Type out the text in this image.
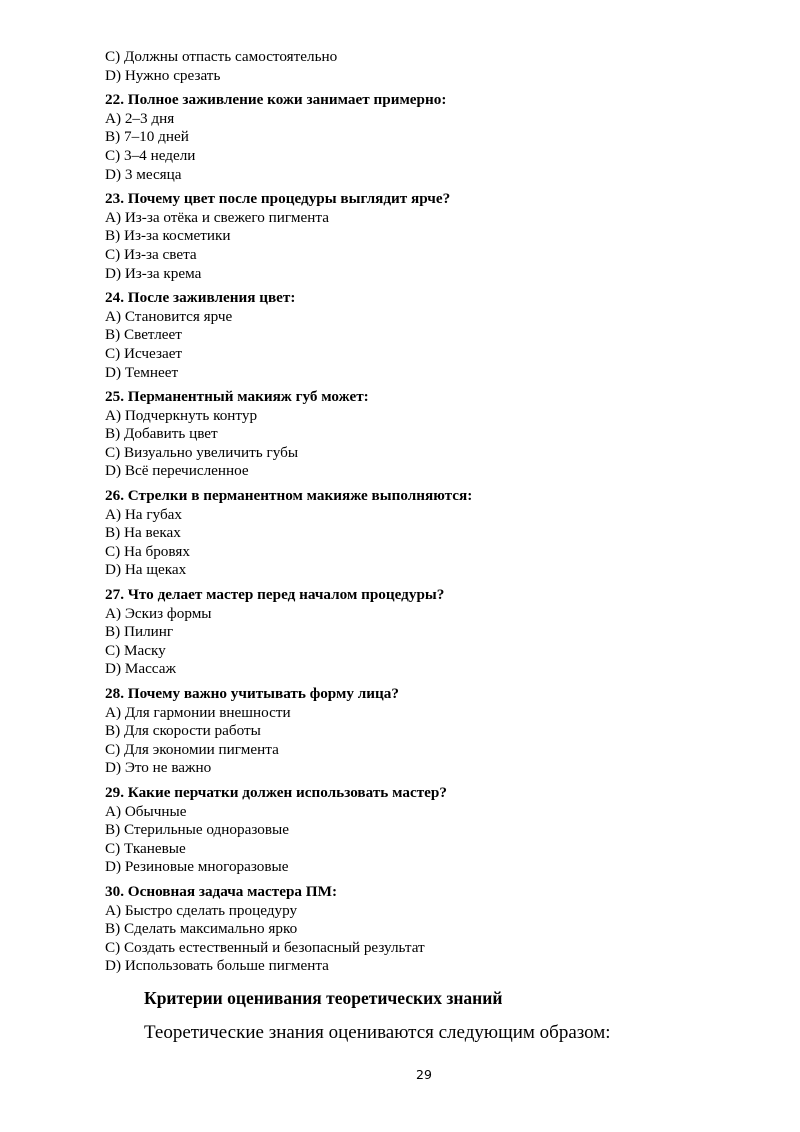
C) Должны отпасть самостоятельно
D) Нужно срезать
22. Полное заживление кожи занимает примерно:
A) 2–3 дня
B) 7–10 дней
C) 3–4 недели
D) 3 месяца
23. Почему цвет после процедуры выглядит ярче?
A) Из-за отёка и свежего пигмента
B) Из-за косметики
C) Из-за света
D) Из-за крема
24. После заживления цвет:
A) Становится ярче
B) Светлеет
C) Исчезает
D) Темнеет
25. Перманентный макияж губ может:
A) Подчеркнуть контур
B) Добавить цвет
C) Визуально увеличить губы
D) Всё перечисленное
26. Стрелки в перманентном макияже выполняются:
A) На губах
B) На веках
C) На бровях
D) На щеках
27. Что делает мастер перед началом процедуры?
A) Эскиз формы
B) Пилинг
C) Маску
D) Массаж
28. Почему важно учитывать форму лица?
A) Для гармонии внешности
B) Для скорости работы
C) Для экономии пигмента
D) Это не важно
29. Какие перчатки должен использовать мастер?
A) Обычные
B) Стерильные одноразовые
C) Тканевые
D) Резиновые многоразовые
30. Основная задача мастера ПМ:
A) Быстро сделать процедуру
B) Сделать максимально ярко
C) Создать естественный и безопасный результат
D) Использовать больше пигмента
Критерии оценивания теоретических знаний
Теоретические знания оцениваются следующим образом:
29
